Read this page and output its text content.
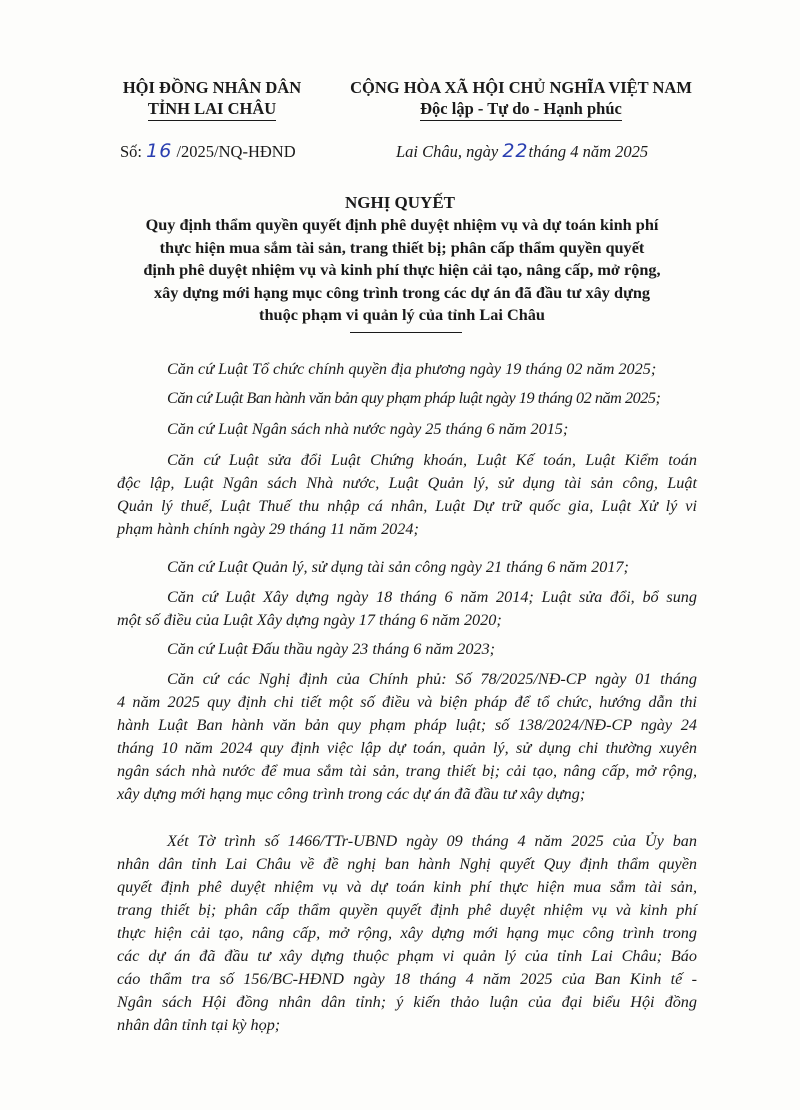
HỘI ĐỒNG NHÂN DÂN
TỈNH LAI CHÂU
CỘNG HÒA XÃ HỘI CHỦ NGHĨA VIỆT NAM
Độc lập - Tự do - Hạnh phúc
Số: 16 /2025/NQ-HĐND	Lai Châu, ngày 22tháng 4 năm 2025
NGHỊ QUYẾT
Quy định thẩm quyền quyết định phê duyệt nhiệm vụ và dự toán kinh phí
thực hiện mua sắm tài sản, trang thiết bị; phân cấp thẩm quyền quyết
định phê duyệt nhiệm vụ và kinh phí thực hiện cải tạo, nâng cấp, mở rộng,
xây dựng mới hạng mục công trình trong các dự án đã đầu tư xây dựng
thuộc phạm vi quản lý của tỉnh Lai Châu
Căn cứ Luật Tổ chức chính quyền địa phương ngày 19 tháng 02 năm 2025;
Căn cứ Luật Ban hành văn bản quy phạm pháp luật ngày 19 tháng 02 năm 2025;
Căn cứ Luật Ngân sách nhà nước ngày 25 tháng 6 năm 2015;
Căn cứ Luật sửa đổi Luật Chứng khoán, Luật Kế toán, Luật Kiểm toán
độc lập, Luật Ngân sách Nhà nước, Luật Quản lý, sử dụng tài sản công, Luật
Quản lý thuế, Luật Thuế thu nhập cá nhân, Luật Dự trữ quốc gia, Luật Xử lý vi
phạm hành chính ngày 29 tháng 11 năm 2024;
Căn cứ Luật Quản lý, sử dụng tài sản công ngày 21 tháng 6 năm 2017;
Căn cứ Luật Xây dựng ngày 18 tháng 6 năm 2014; Luật sửa đổi, bổ sung
một số điều của Luật Xây dựng ngày 17 tháng 6 năm 2020;
Căn cứ Luật Đấu thầu ngày 23 tháng 6 năm 2023;
Căn cứ các Nghị định của Chính phủ: Số 78/2025/NĐ-CP ngày 01 tháng
4 năm 2025 quy định chi tiết một số điều và biện pháp để tổ chức, hướng dẫn thi
hành Luật Ban hành văn bản quy phạm pháp luật; số 138/2024/NĐ-CP ngày 24
tháng 10 năm 2024 quy định việc lập dự toán, quản lý, sử dụng chi thường xuyên
ngân sách nhà nước để mua sắm tài sản, trang thiết bị; cải tạo, nâng cấp, mở rộng,
xây dựng mới hạng mục công trình trong các dự án đã đầu tư xây dựng;
Xét Tờ trình số 1466/TTr-UBND ngày 09 tháng 4 năm 2025 của Ủy ban
nhân dân tỉnh Lai Châu về đề nghị ban hành Nghị quyết Quy định thẩm quyền
quyết định phê duyệt nhiệm vụ và dự toán kinh phí thực hiện mua sắm tài sản,
trang thiết bị; phân cấp thẩm quyền quyết định phê duyệt nhiệm vụ và kinh phí
thực hiện cải tạo, nâng cấp, mở rộng, xây dựng mới hạng mục công trình trong
các dự án đã đầu tư xây dựng thuộc phạm vi quản lý của tỉnh Lai Châu; Báo
cáo thẩm tra số 156/BC-HĐND ngày 18 tháng 4 năm 2025 của Ban Kinh tế -
Ngân sách Hội đồng nhân dân tỉnh; ý kiến thảo luận của đại biểu Hội đồng
nhân dân tỉnh tại kỳ họp;
